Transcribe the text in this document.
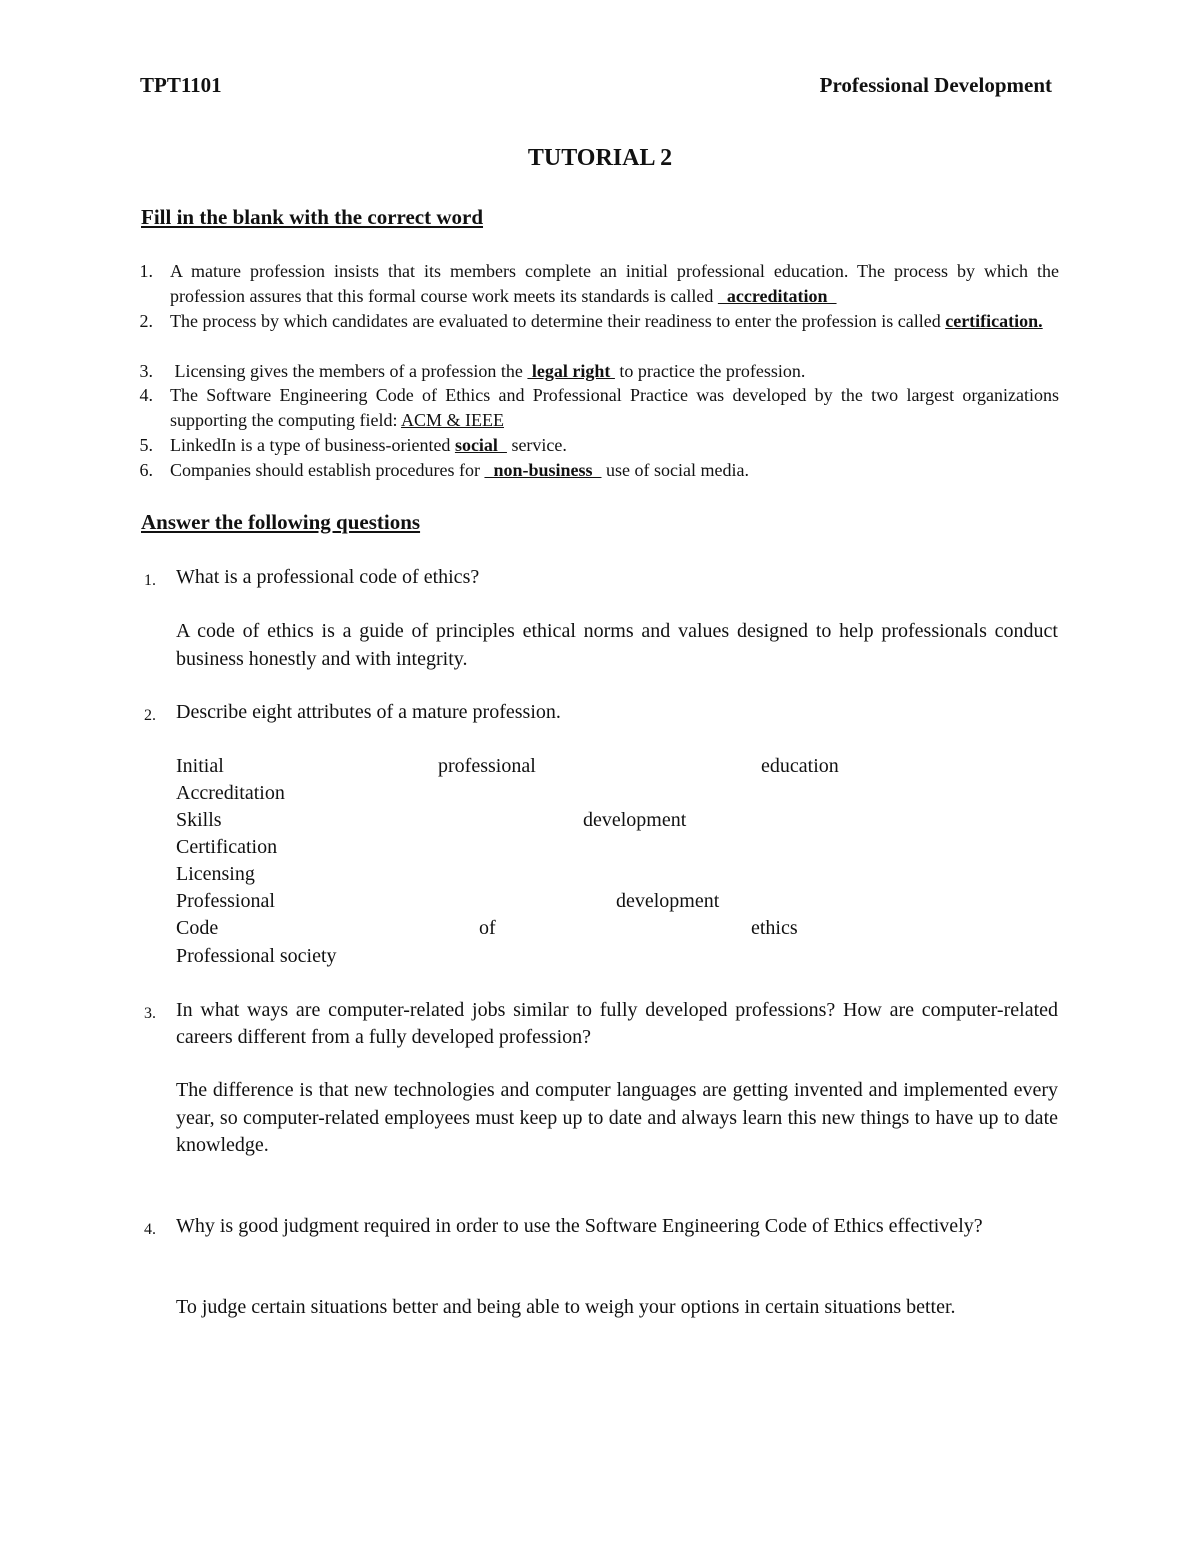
TPT1101	Professional Development
TUTORIAL 2
Fill in the blank with the correct word
1. A mature profession insists that its members complete an initial professional education. The process by which the profession assures that this formal course work meets its standards is called   accreditation
2. The process by which candidates are evaluated to determine their readiness to enter the profession is called certification.
3. Licensing gives the members of a profession the  legal right  to practice the profession.
4. The Software Engineering Code of Ethics and Professional Practice was developed by the two largest organizations supporting the computing field: ACM & IEEE
5. LinkedIn is a type of business-oriented social   service.
6. Companies should establish procedures for   non-business   use of social media.
Answer the following questions
1. What is a professional code of ethics?
A code of ethics is a guide of principles ethical norms and values designed to help professionals conduct business honestly and with integrity.
2. Describe eight attributes of a mature profession.
Initial	professional	education
Accreditation
Skills	development
Certification
Licensing
Professional	development
Code	of	ethics
Professional society
3. In what ways are computer-related jobs similar to fully developed professions? How are computer-related careers different from a fully developed profession?
The difference is that new technologies and computer languages are getting invented and implemented every year, so computer-related employees must keep up to date and always learn this new things to have up to date knowledge.
4. Why is good judgment required in order to use the Software Engineering Code of Ethics effectively?
To judge certain situations better and being able to weigh your options in certain situations better.
